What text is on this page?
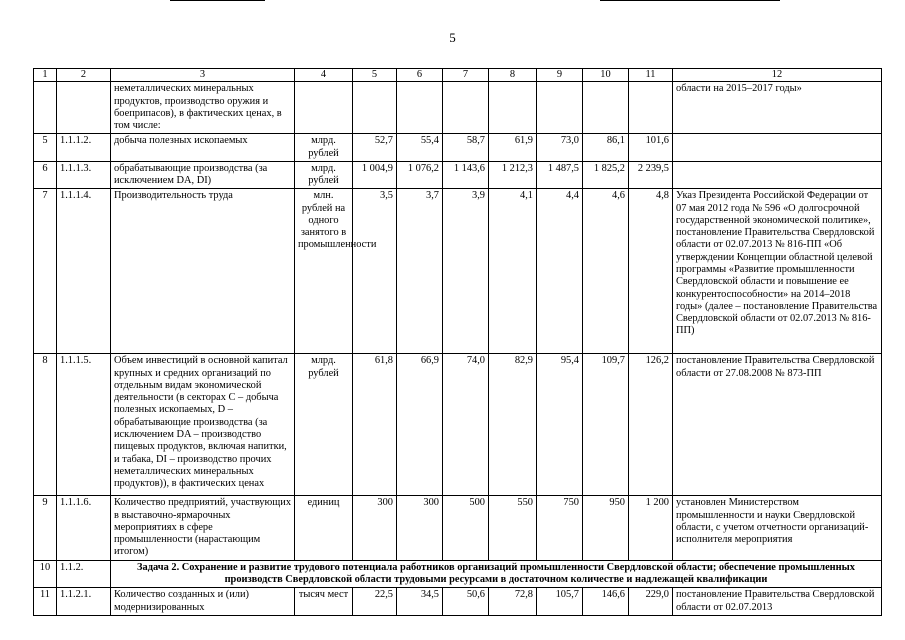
5
1	2	3	4	5	6	7	8	9	10	11	12
		неметаллических минеральных продуктов, производство оружия и боеприпасов), в фактических ценах, в том числе:									области на 2015–2017 годы»
5	1.1.1.2.	добыча полезных ископаемых	млрд. рублей	52,7	55,4	58,7	61,9	73,0	86,1	101,6	
6	1.1.1.3.	обрабатывающие производства (за исключением DA, DI)	млрд. рублей	1 004,9	1 076,2	1 143,6	1 212,3	1 487,5	1 825,2	2 239,5	
7	1.1.1.4.	Производительность труда	млн. рублей на одного занятого в промышленности	3,5	3,7	3,9	4,1	4,4	4,6	4,8	Указ Президента Российской Федерации от 07 мая 2012 года № 596 «О долгосрочной государственной экономической политике», постановление Правительства Свердловской области от 02.07.2013 № 816-ПП «Об утверждении Концепции областной целевой программы «Развитие промышленности Свердловской области и повышение ее конкурентоспособности» на 2014–2018 годы» (далее – постановление Правительства Свердловской области от 02.07.2013 № 816-ПП)
8	1.1.1.5.	Объем инвестиций в основной капитал крупных и средних организаций по отдельным видам экономической деятельности (в секторах C – добыча полезных ископаемых, D – обрабатывающие производства (за исключением DA – производство пищевых продуктов, включая напитки, и табака, DI – производство прочих неметаллических минеральных продуктов)), в фактических ценах	млрд. рублей	61,8	66,9	74,0	82,9	95,4	109,7	126,2	постановление Правительства Свердловской области от 27.08.2008 № 873-ПП
9	1.1.1.6.	Количество предприятий, участвующих в выставочно-ярмарочных мероприятиях в сфере промышленности (нарастающим итогом)	единиц	300	300	500	550	750	950	1 200	установлен Министерством промышленности и науки Свердловской области, с учетом отчетности организаций-исполнителя мероприятия
10	1.1.2.	Задача 2. Сохранение и развитие трудового потенциала работников организаций промышленности Свердловской области; обеспечение промышленных производств Свердловской области трудовыми ресурсами в достаточном количестве и надлежащей квалификации									
11	1.1.2.1.	Количество созданных и (или) модернизированных	тысяч мест	22,5	34,5	50,6	72,8	105,7	146,6	229,0	постановление Правительства Свердловской области от 02.07.2013
